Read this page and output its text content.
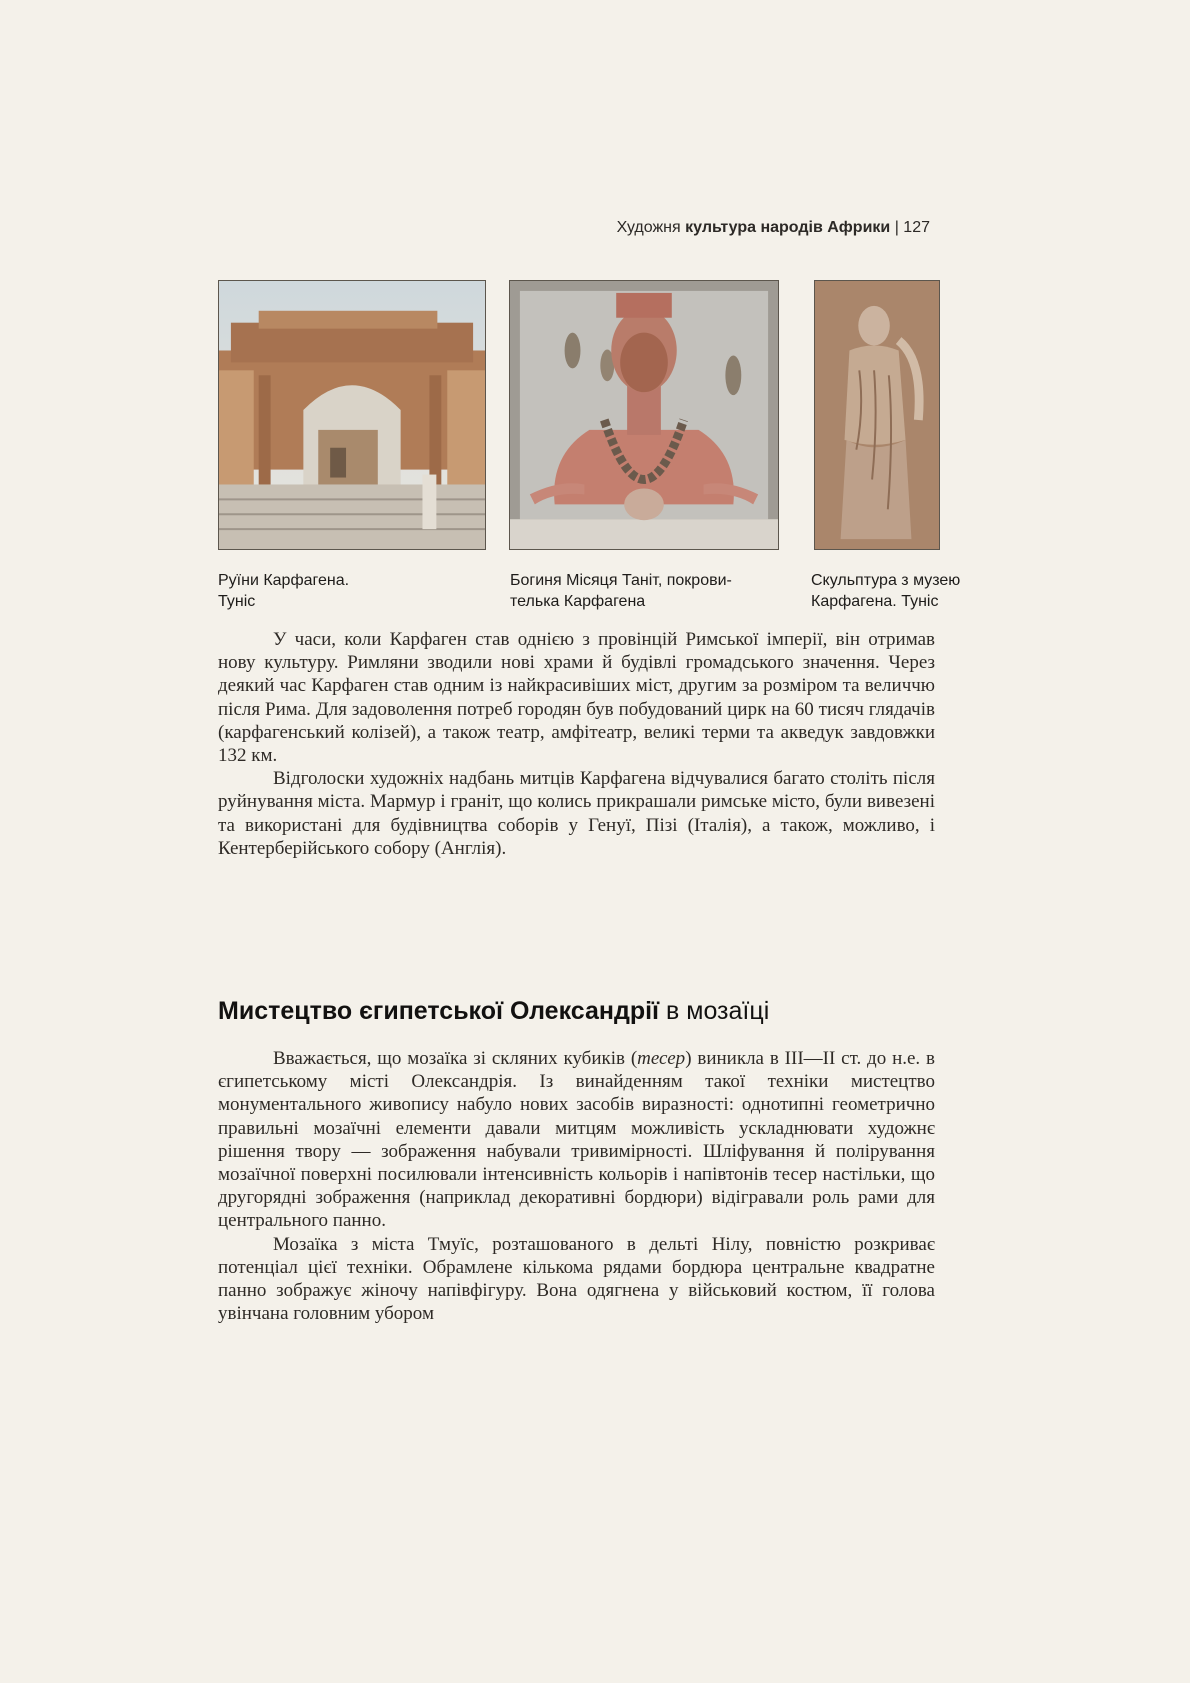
Художня культура народів Африки | 127
Руїни Карфагена.
Туніс
Богиня Місяця Таніт, покрови-
телька Карфагена
Скульптура з музею
Карфагена. Туніс

У часи, коли Карфаген став однією з провінцій Римської імперії, він отримав нову культуру. Римляни зводили нові храми й будівлі громадського значення. Через деякий час Карфаген став одним із найкрасивіших міст, другим за розміром та величчю після Рима. Для задоволення потреб городян був побудований цирк на 60 тисяч глядачів (карфагенський колізей), а також театр, амфітеатр, великі терми та акведук завдовжки 132 км.

Відголоски художніх надбань митців Карфагена відчувалися багато століть після руйнування міста. Мармур і граніт, що колись прикрашали римське місто, були вивезені та використані для будівництва соборів у Генуї, Пізі (Італія), а також, можливо, і Кентерберійського собору (Англія).

Мистецтво єгипетської Олександрії в мозаїці

Вважається, що мозаїка зі скляних кубиків (тесер) виникла в ІІІ—ІІ ст. до н.е. в єгипетському місті Олександрія. Із винайденням такої техніки мистецтво монументального живопису набуло нових засобів виразності: однотипні геометрично правильні мозаїчні елементи давали митцям можливість ускладнювати художнє рішення твору — зображення набували тривимірності. Шліфування й полірування мозаїчної поверхні посилювали інтенсивність кольорів і напівтонів тесер настільки, що другорядні зображення (наприклад декоративні бордюри) відігравали роль рами для центрального панно.

Мозаїка з міста Тмуїс, розташованого в дельті Нілу, повністю розкриває потенціал цієї техніки. Обрамлене кількома рядами бордюра центральне квадратне панно зображує жіночу напівфігуру. Вона одягнена у військовий костюм, її голова увінчана головним убором
